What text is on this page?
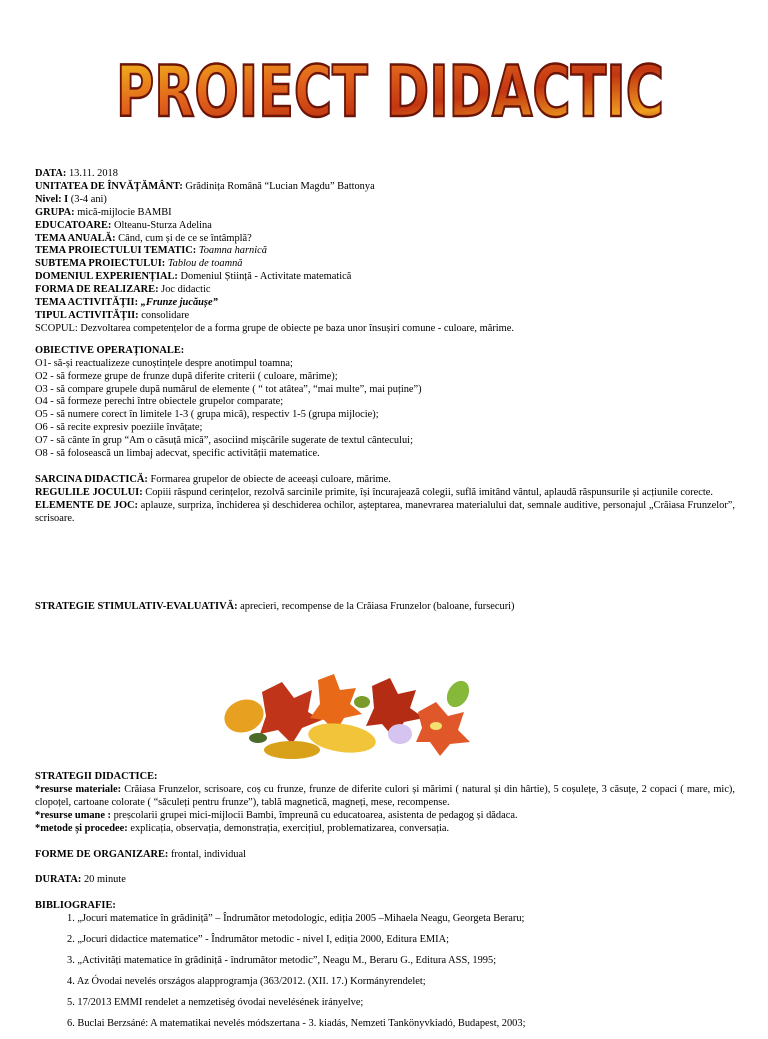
PROIECT DIDACTIC
DATA: 13.11. 2018
UNITATEA DE ÎNVĂȚĂMÂNT: Grădinița Română “Lucian Magdu” Battonya
Nivel: I (3-4 ani)
GRUPA: mică-mijlocie BAMBI
EDUCATOARE: Olteanu-Sturza Adelina
TEMA ANUALĂ: Când, cum și de ce se întâmplă?
TEMA PROIECTULUI TEMATIC: Toamna harnică
SUBTEMA PROIECTULUI: Tablou de toamnă
DOMENIUL EXPERIENȚIAL: Domeniul Știință - Activitate matematică
FORMA DE REALIZARE: Joc didactic
TEMA ACTIVITĂȚII: „Frunze jucăușe”
TIPUL ACTIVITĂȚII: consolidare
SCOPUL: Dezvoltarea competențelor de a forma grupe de obiecte pe baza unor însușiri comune - culoare, mărime.
OBIECTIVE OPERAȚIONALE:
O1- să-și reactualizeze cunoștințele despre anotimpul toamna;
O2 - să formeze grupe de frunze după diferite criterii ( culoare, mărime);
O3 - să compare grupele după numărul de elemente ( “ tot atâtea”, “mai multe”, mai puține”)
O4 - să formeze perechi între obiectele grupelor comparate;
O5 - să numere corect în limitele 1-3 ( grupa mică), respectiv 1-5 (grupa mijlocie);
O6 - să recite expresiv poeziile învățate;
O7 - să cânte în grup “Am o căsuță mică”, asociind mișcările sugerate de textul cântecului;
O8 - să folosească un limbaj adecvat, specific activității matematice.
SARCINA DIDACTICĂ: Formarea grupelor de obiecte de aceeași culoare, mărime.
REGULILE JOCULUI: Copiii răspund cerințelor, rezolvă sarcinile primite, își încurajează colegii, suflă imitând vântul, aplaudă răspunsurile și acțiunile corecte.
ELEMENTE DE JOC: aplauze, surpriza, închiderea și deschiderea ochilor, așteptarea, manevrarea materialului dat, semnale auditive, personajul „Crăiasa Frunzelor”, scrisoare.
STRATEGIE STIMULATIV-EVALUATIVĂ: aprecieri, recompense de la Crăiasa Frunzelor (baloane, fursecuri)
STRATEGII DIDACTICE:
*resurse materiale: Crăiasa Frunzelor, scrisoare, coș cu frunze, frunze de diferite culori și mărimi ( natural și din hârtie), 5 coșulețe, 3 căsuțe, 2 copaci ( mare, mic), clopoțel, cartoane colorate ( “săculeți pentru frunze”), tablă magnetică, magneți, mese, recompense.
*resurse umane : preșcolarii grupei mici-mijlocii Bambi, împreună cu educatoarea, asistenta de pedagog și dădaca.
*metode și procedee: explicația, observația, demonstrația, exercițiul, problematizarea, conversația.
FORME DE ORGANIZARE: frontal, individual
DURATA: 20 minute
BIBLIOGRAFIE:
1. „Jocuri matematice în grădiniță” – Îndrumător metodologic, ediția 2005 –Mihaela Neagu, Georgeta Beraru;
2. „Jocuri didactice matematice” - Îndrumător metodic - nivel I, ediția 2000, Editura EMIA;
3. „Activități matematice în grădiniță - îndrumător metodic”, Neagu M., Beraru G., Editura ASS, 1995;
4. Az Óvodai nevelés országos alapprogramja (363/2012. (XII. 17.) Kormányrendelet;
5. 17/2013 EMMI rendelet a nemzetiség óvodai nevelésének irányelve;
6. Buclai Berzsáné: A matematikai nevelés módszertana - 3. kiadás, Nemzeti Tankönyvkiadó, Budapest, 2003;
